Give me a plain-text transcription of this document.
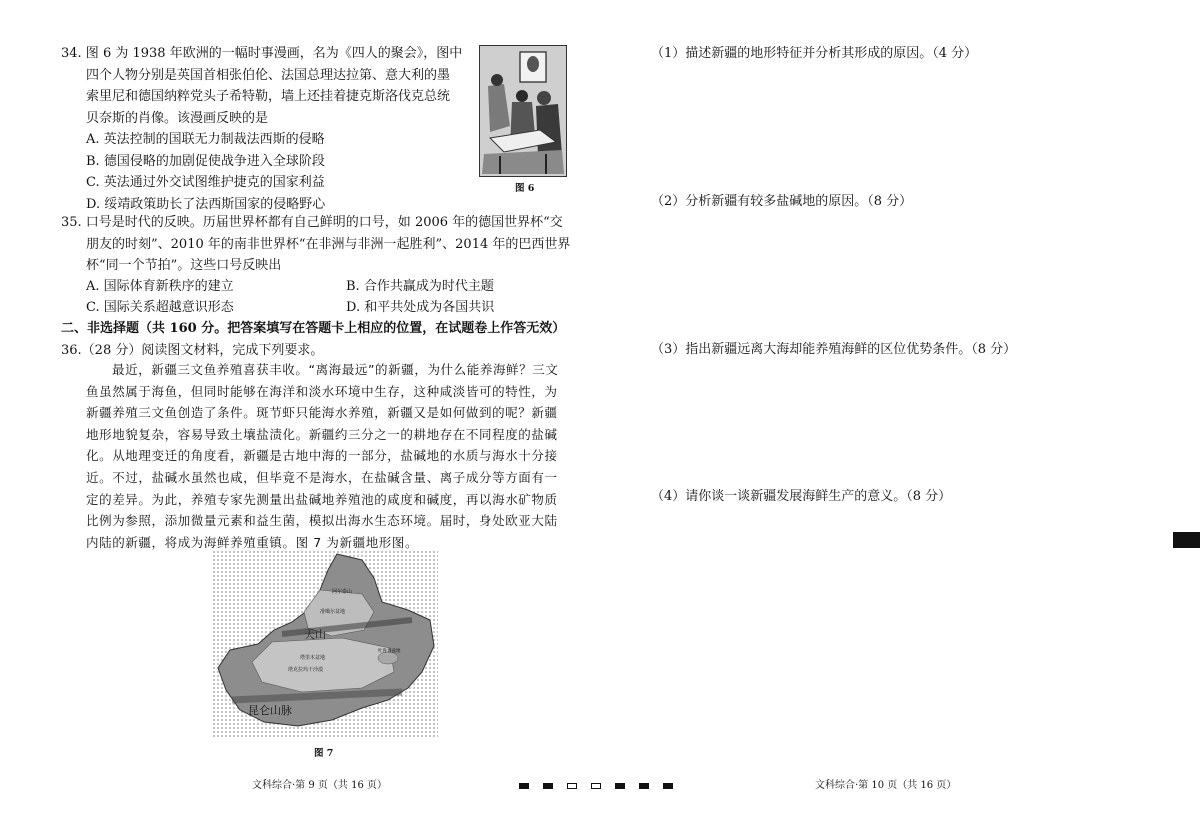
34. 图 6 为 1938 年欧洲的一幅时事漫画，名为《四人的聚会》，图中
四个人物分别是英国首相张伯伦、法国总理达拉第、意大利的墨
索里尼和德国纳粹党头子希特勒，墙上还挂着捷克斯洛伐克总统
贝奈斯的肖像。该漫画反映的是
A. 英法控制的国联无力制裁法西斯的侵略
B. 德国侵略的加剧促使战争进入全球阶段
C. 英法通过外交试图维护捷克的国家利益
D. 绥靖政策助长了法西斯国家的侵略野心
图 6
35. 口号是时代的反映。历届世界杯都有自己鲜明的口号，如 2006 年的德国世界杯“交
朋友的时刻”、2010 年的南非世界杯“在非洲与非洲一起胜利”、2014 年的巴西世界
杯“同一个节拍”。这些口号反映出
A. 国际体育新秩序的建立	B. 合作共赢成为时代主题
C. 国际关系超越意识形态	D. 和平共处成为各国共识
二、非选择题（共 160 分。把答案填写在答题卡上相应的位置，在试题卷上作答无效）
36.（28 分）阅读图文材料，完成下列要求。
最近，新疆三文鱼养殖喜获丰收。“离海最远”的新疆，为什么能养海鲜？三文
鱼虽然属于海鱼，但同时能够在海洋和淡水环境中生存，这种咸淡皆可的特性，为
新疆养殖三文鱼创造了条件。斑节虾只能海水养殖，新疆又是如何做到的呢？新疆
地形地貌复杂，容易导致土壤盐渍化。新疆约三分之一的耕地存在不同程度的盐碱
化。从地理变迁的角度看，新疆是古地中海的一部分，盐碱地的水质与海水十分接
近。不过，盐碱水虽然也咸，但毕竟不是海水，在盐碱含量、离子成分等方面有一
定的差异。为此，养殖专家先测量出盐碱地养殖池的咸度和碱度，再以海水矿物质
比例为参照，添加微量元素和益生菌，模拟出海水生态环境。届时，身处欧亚大陆
内陆的新疆，将成为海鲜养殖重镇。图 7 为新疆地形图。
阿尔泰山
准噶尔盆地
天山
塔里木盆地
塔克拉玛干沙漠
吐鲁番盆地
昆仑山脉
图 7
（1）描述新疆的地形特征并分析其形成的原因。（4 分）
（2）分析新疆有较多盐碱地的原因。（8 分）
（3）指出新疆远离大海却能养殖海鲜的区位优势条件。（8 分）
（4）请你谈一谈新疆发展海鲜生产的意义。（8 分）
文科综合·第 9 页（共 16 页）	文科综合·第 10 页（共 16 页）
